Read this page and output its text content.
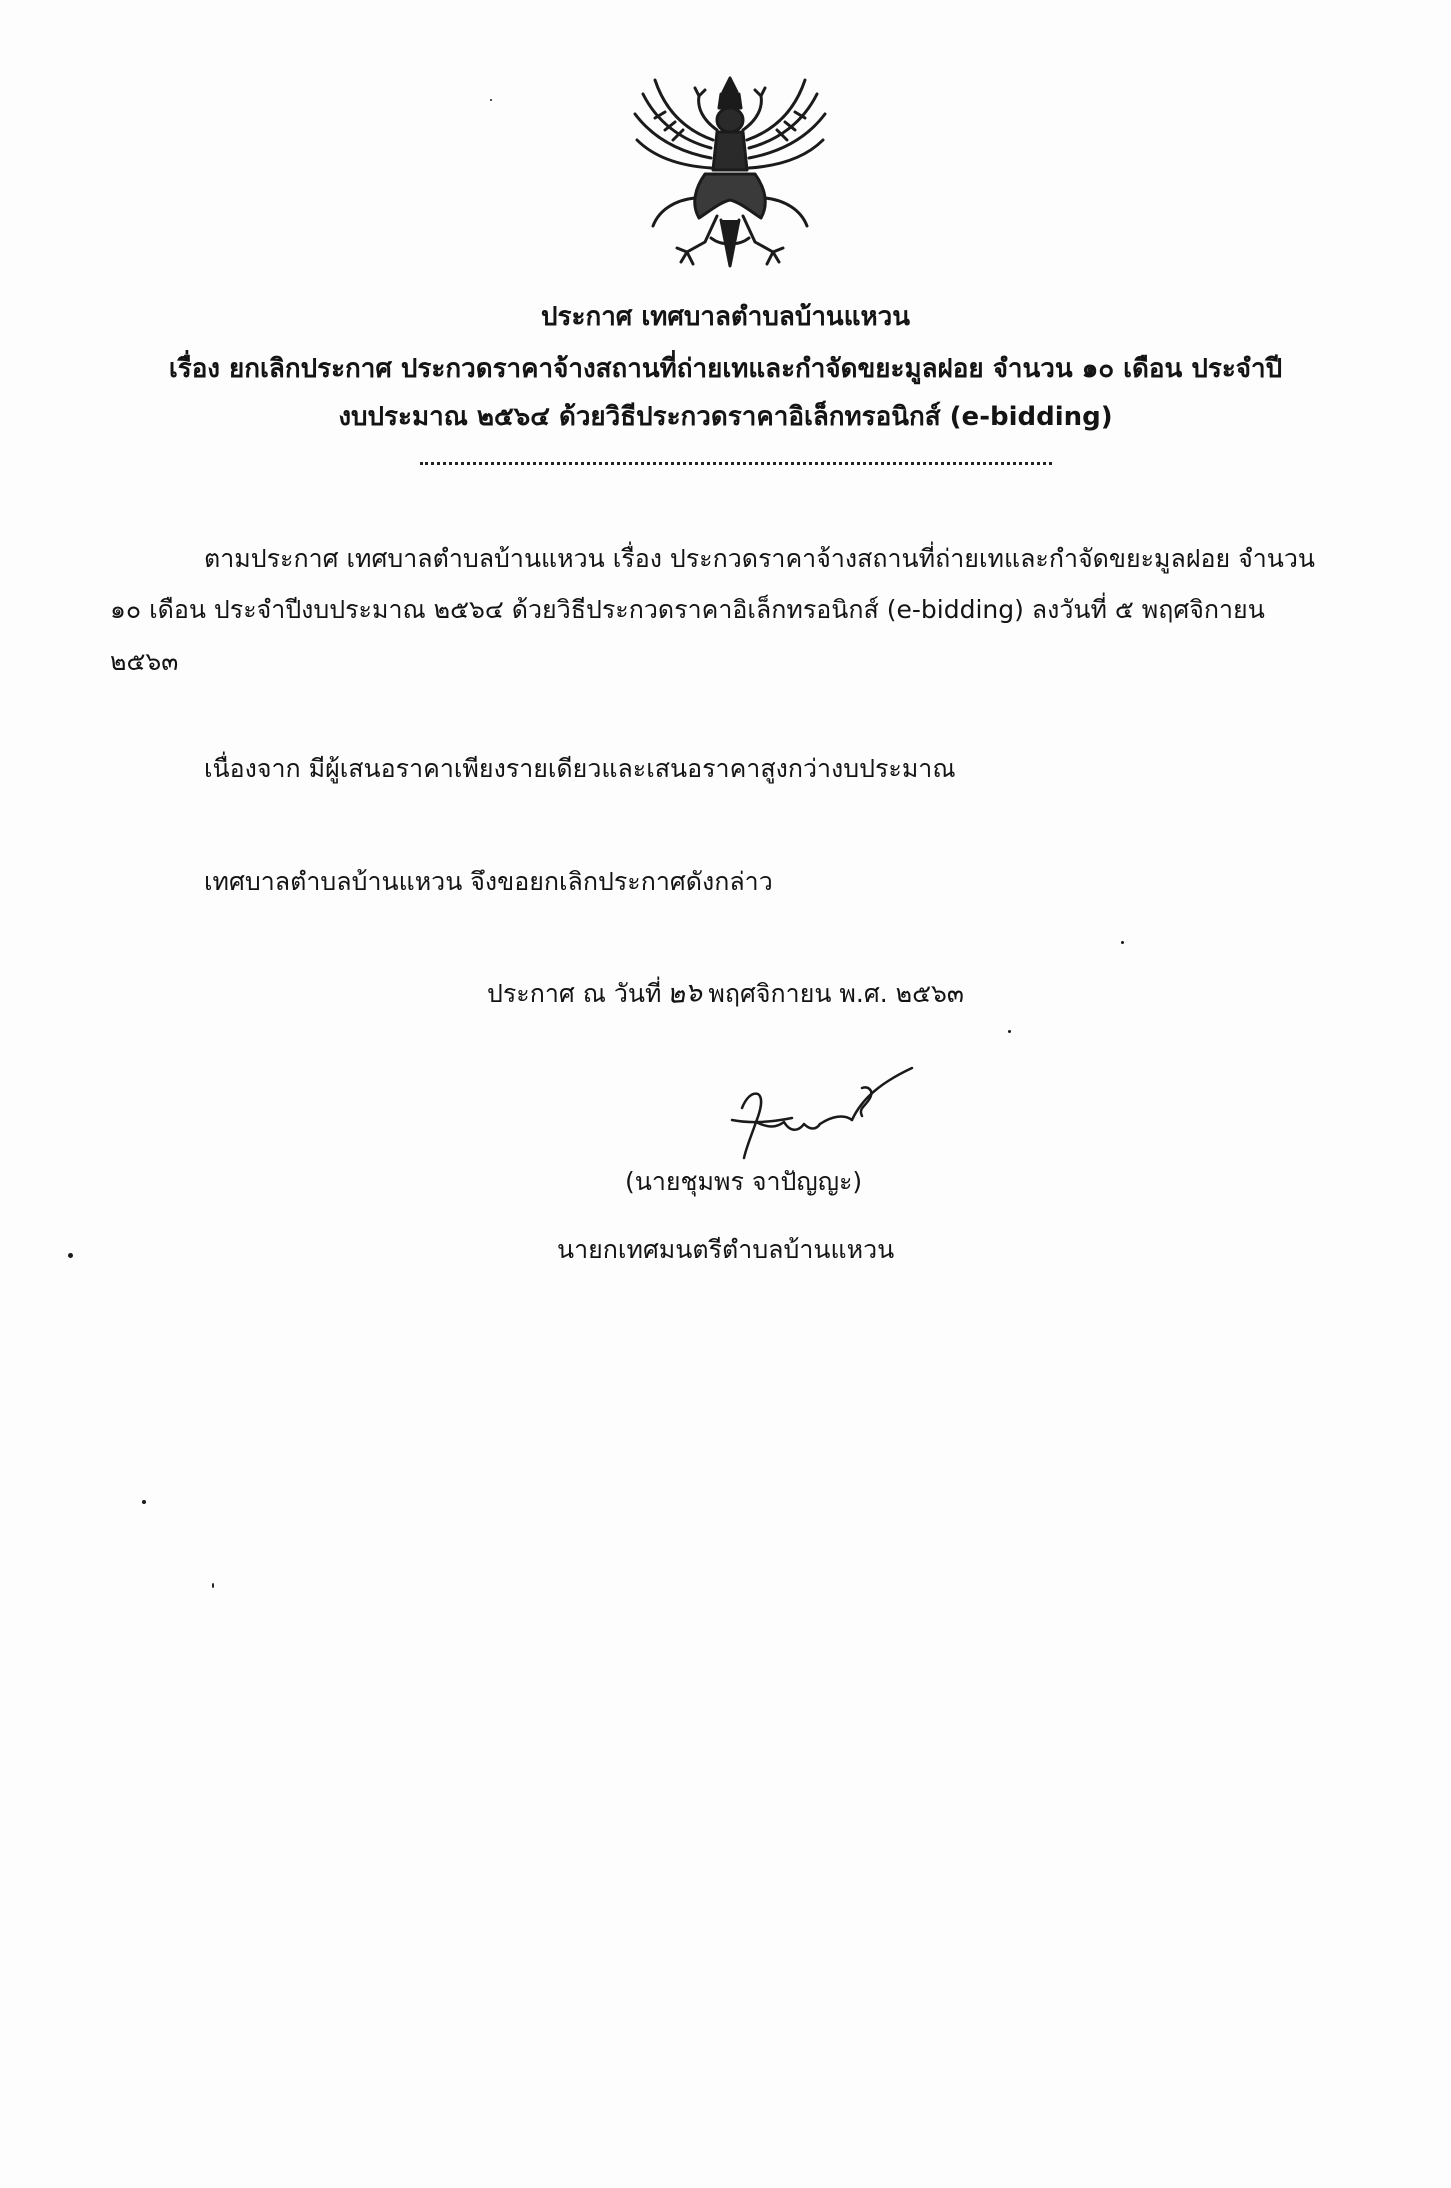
ประกาศ เทศบาลตำบลบ้านแหวน
เรื่อง ยกเลิกประกาศ ประกวดราคาจ้างสถานที่ถ่ายเทและกำจัดขยะมูลฝอย จำนวน ๑๐ เดือน ประจำปี
งบประมาณ ๒๕๖๔ ด้วยวิธีประกวดราคาอิเล็กทรอนิกส์ (e-bidding)
ตามประกาศ เทศบาลตำบลบ้านแหวน เรื่อง ประกวดราคาจ้างสถานที่ถ่ายเทและกำจัดขยะมูลฝอย จำนวน
๑๐ เดือน ประจำปีงบประมาณ ๒๕๖๔ ด้วยวิธีประกวดราคาอิเล็กทรอนิกส์ (e-bidding) ลงวันที่ ๕ พฤศจิกายน
๒๕๖๓
เนื่องจาก มีผู้เสนอราคาเพียงรายเดียวและเสนอราคาสูงกว่างบประมาณ
เทศบาลตำบลบ้านแหวน จึงขอยกเลิกประกาศดังกล่าว
ประกาศ ณ วันที่ ๒๖ พฤศจิกายน พ.ศ. ๒๕๖๓
(นายชุมพร จาปัญญะ)
นายกเทศมนตรีตำบลบ้านแหวน
